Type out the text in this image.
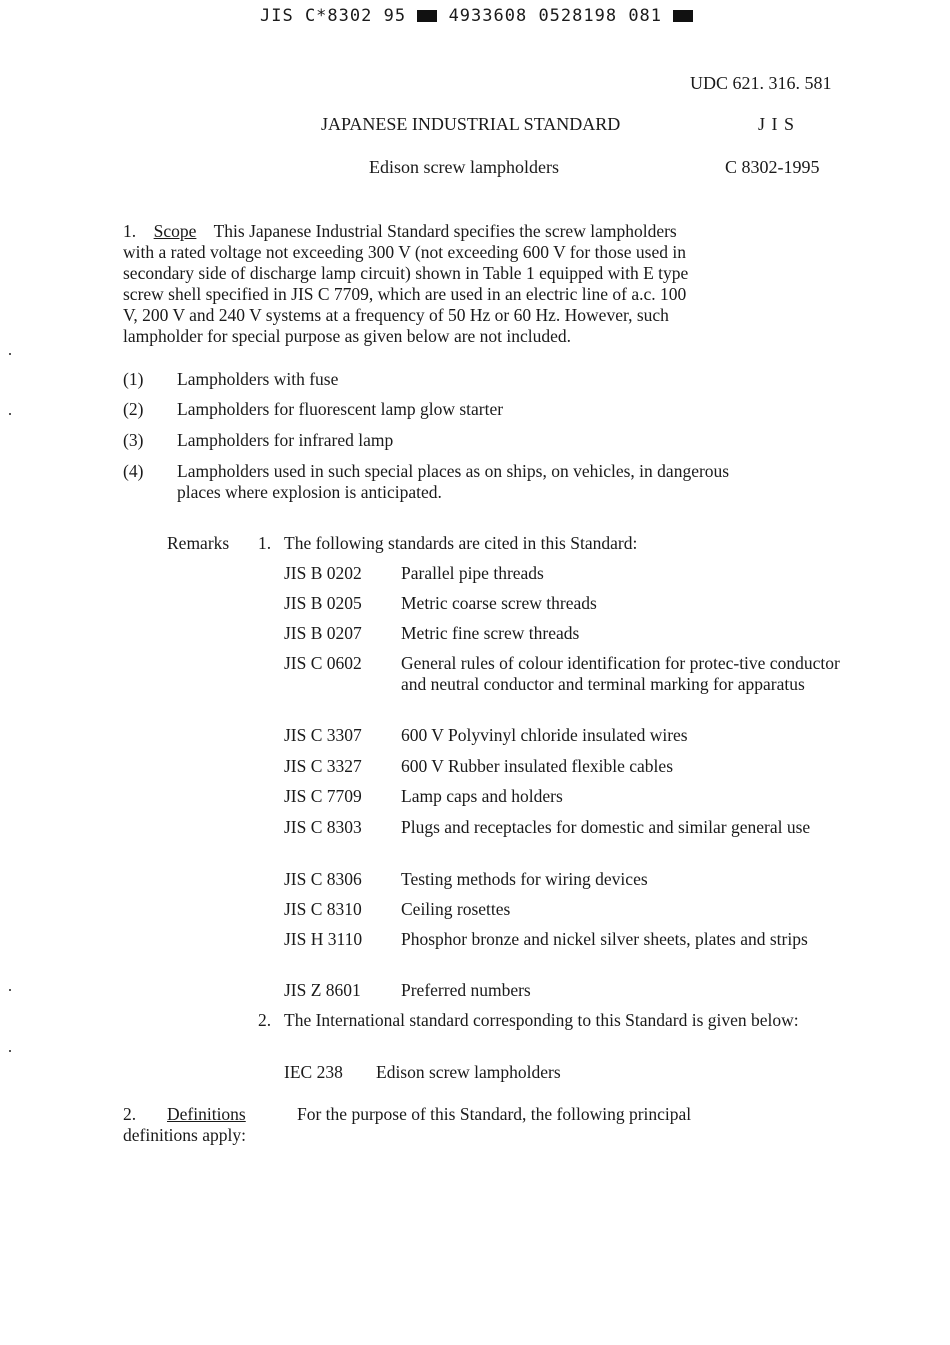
JIS C*8302 95	4933608 0528198 081
UDC 621. 316. 581
JAPANESE INDUSTRIAL STANDARD	J I S
Edison screw lampholders	C 8302-1995
1. Scope This Japanese Industrial Standard specifies the screw lampholders
with a rated voltage not exceeding 300 V (not exceeding 600 V for those used in
secondary side of discharge lamp circuit) shown in Table 1 equipped with E type
screw shell specified in JIS C 7709, which are used in an electric line of a.c. 100
V, 200 V and 240 V systems at a frequency of 50 Hz or 60 Hz. However, such
lampholder for special purpose as given below are not included.
(1) Lampholders with fuse
(2) Lampholders for fluorescent lamp glow starter
(3) Lampholders for infrared lamp
(4) Lampholders used in such special places as on ships, on vehicles, in dangerous places where explosion is anticipated.
Remarks 1. The following standards are cited in this Standard:
JIS B 0202 Parallel pipe threads
JIS B 0205 Metric coarse screw threads
JIS B 0207 Metric fine screw threads
JIS C 0602 General rules of colour identification for protec-tive conductor and neutral conductor and terminal marking for apparatus
JIS C 3307 600 V Polyvinyl chloride insulated wires
JIS C 3327 600 V Rubber insulated flexible cables
JIS C 7709 Lamp caps and holders
JIS C 8303 Plugs and receptacles for domestic and similar general use
JIS C 8306 Testing methods for wiring devices
JIS C 8310 Ceiling rosettes
JIS H 3110 Phosphor bronze and nickel silver sheets, plates and strips
JIS Z 8601 Preferred numbers
2. The International standard corresponding to this Standard is given below:
IEC 238 Edison screw lampholders
2. Definitions	For the purpose of this Standard, the following principal
definitions apply:
